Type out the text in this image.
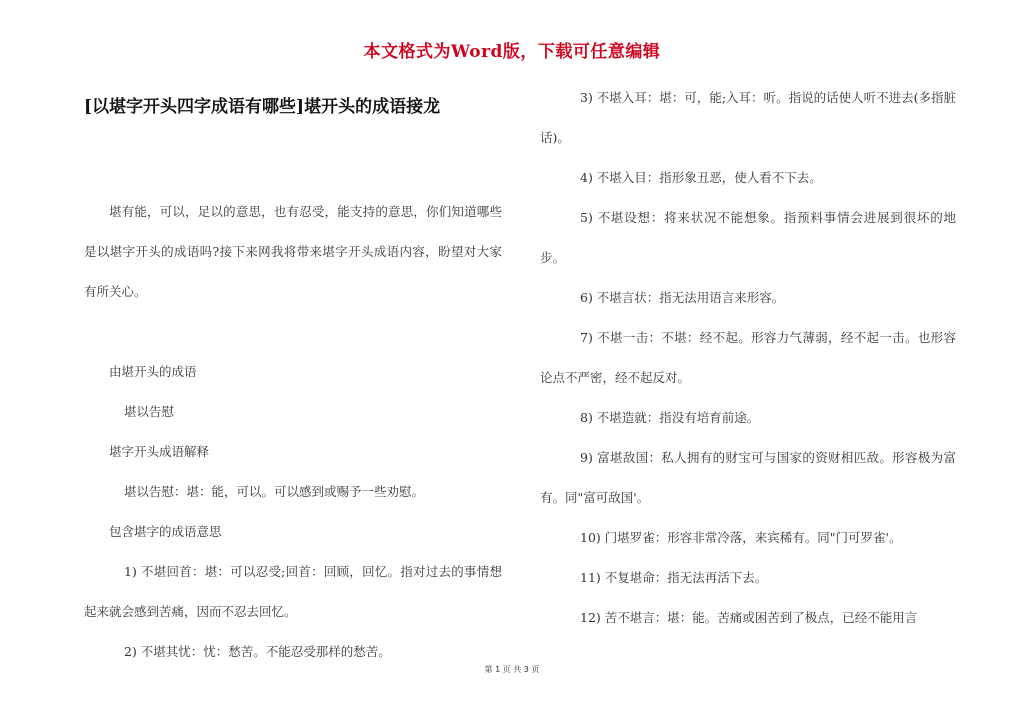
本文格式为Word版，下载可任意编辑
[以堪字开头四字成语有哪些]堪开头的成语接龙

堪有能，可以，足以的意思，也有忍受，能支持的意思，你们知道哪些是以堪字开头的成语吗?接下来网我将带来堪字开头成语内容，盼望对大家有所关心。

由堪开头的成语

堪以告慰

堪字开头成语解释

堪以告慰：堪：能，可以。可以感到或赐予一些劝慰。

包含堪字的成语意思

1) 不堪回首：堪：可以忍受;回首：回顾，回忆。指对过去的事情想起来就会感到苦痛，因而不忍去回忆。

2) 不堪其忧：忧：愁苦。不能忍受那样的愁苦。

3) 不堪入耳：堪：可，能;入耳：听。指说的话使人听不进去(多指脏话)。

4) 不堪入目：指形象丑恶，使人看不下去。

5) 不堪设想：将来状况不能想象。指预料事情会进展到很坏的地步。

6) 不堪言状：指无法用语言来形容。

7) 不堪一击：不堪：经不起。形容力气薄弱，经不起一击。也形容论点不严密，经不起反对。

8) 不堪造就：指没有培育前途。

9) 富堪敌国：私人拥有的财宝可与国家的资财相匹敌。形容极为富有。同"富可敌国'。

10) 门堪罗雀：形容非常冷落，来宾稀有。同"门可罗雀'。

11) 不复堪命：指无法再活下去。

12) 苦不堪言：堪：能。苦痛或困苦到了极点，已经不能用言

第 1 页 共 3 页
